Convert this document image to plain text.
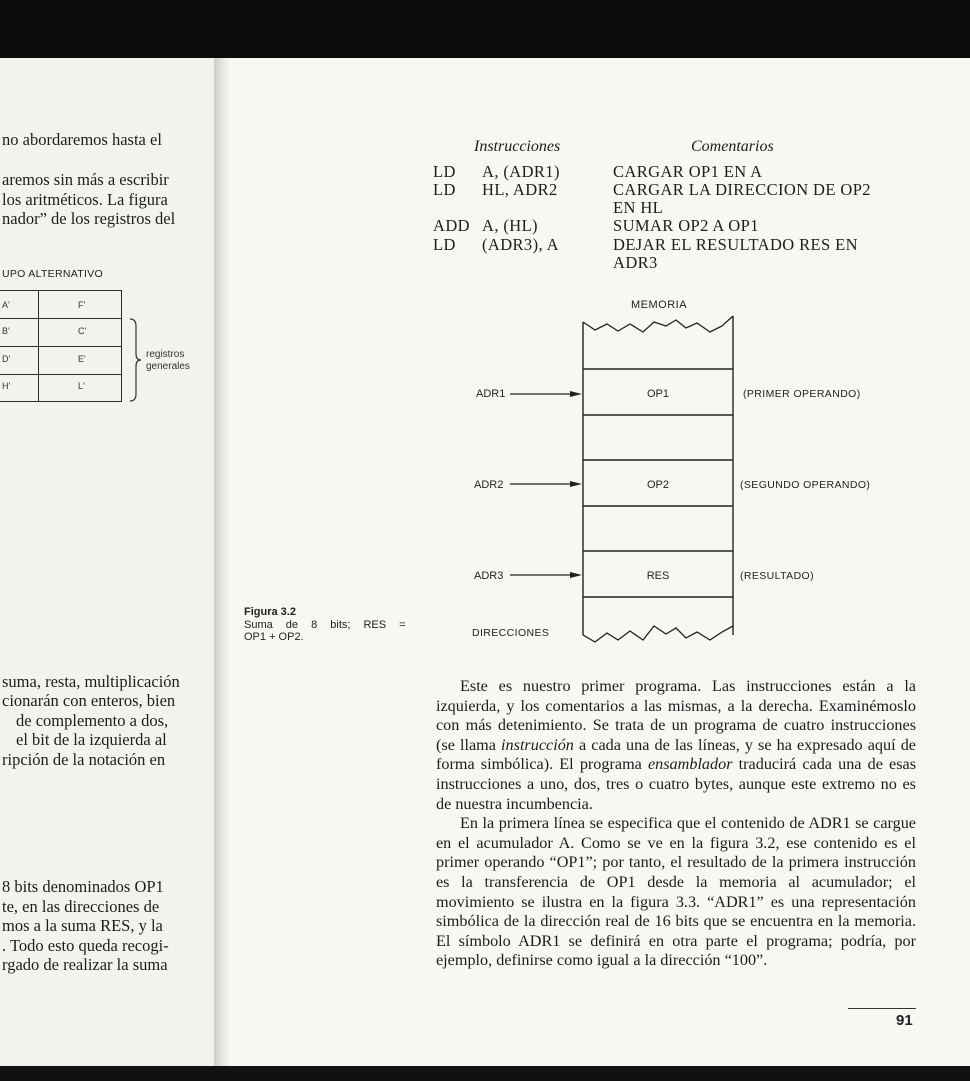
no abordaremos hasta el
aremos sin más a escribir
los aritméticos. La figura
nador” de los registros del
UPO ALTERNATIVO
A'	F'
B'	C'
D'	E'
H'	L'
registros
generales
suma, resta, multiplicación
cionarán con enteros, bien
de complemento a dos,
el bit de la izquierda al
ripción de la notación en
8 bits denominados OP1
te, en las direcciones de
mos a la suma RES, y la
. Todo esto queda recogi-
rgado de realizar la suma
Figura 3.2
Suma de 8 bits; RES =
OP1 + OP2.
Instrucciones	Comentarios
LD A, (ADR1)	CARGAR OP1 EN A
LD HL, ADR2	CARGAR LA DIRECCION DE OP2
EN HL
ADD A, (HL)	SUMAR OP2 A OP1
LD (ADR3), A	DEJAR EL RESULTADO RES EN
ADR3
MEMORIA
OP1
OP2
RES
ADR1
ADR2
ADR3
(PRIMER OPERANDO)
(SEGUNDO OPERANDO)
(RESULTADO)
DIRECCIONES

Este es nuestro primer programa. Las instrucciones están a la izquierda, y los comentarios a las mismas, a la derecha. Examinémoslo con más detenimiento. Se trata de un programa de cuatro instrucciones (se llama instrucción a cada una de las líneas, y se ha expresado aquí de forma simbólica). El programa ensamblador traducirá cada una de esas instrucciones a uno, dos, tres o cuatro bytes, aunque este extremo no es de nuestra incumbencia.

En la primera línea se especifica que el contenido de ADR1 se cargue en el acumulador A. Como se ve en la figura 3.2, ese contenido es el primer operando “OP1”; por tanto, el resultado de la primera instrucción es la transferencia de OP1 desde la memoria al acumulador; el movimiento se ilustra en la figura 3.3. “ADR1” es una representación simbólica de la dirección real de 16 bits que se encuentra en la memoria. El símbolo ADR1 se definirá en otra parte el programa; podría, por ejemplo, definirse como igual a la dirección “100”.

91
